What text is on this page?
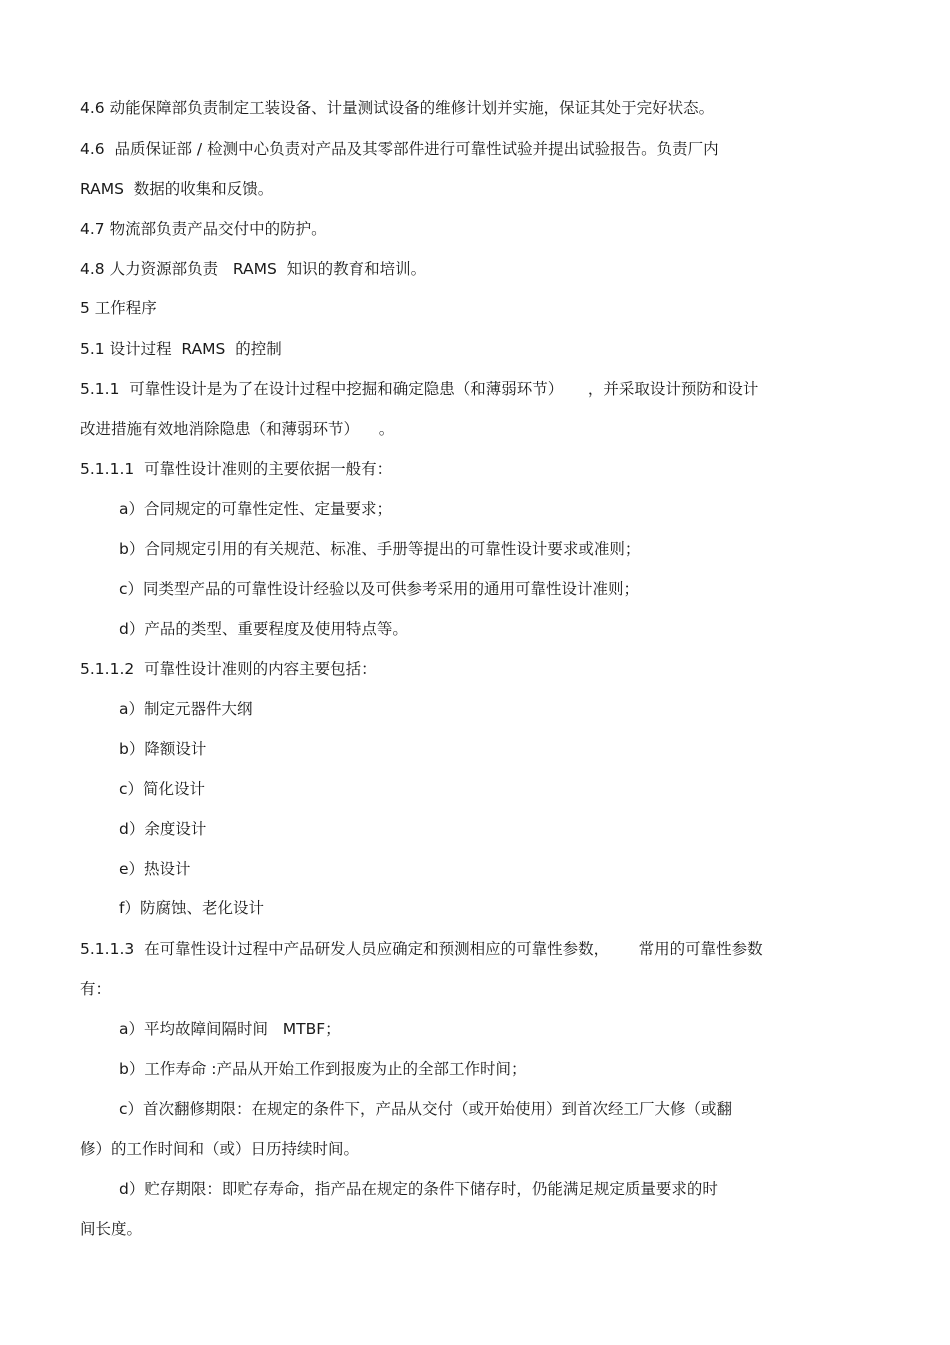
4.6 动能保障部负责制定工装设备、计量测试设备的维修计划并实施，保证其处于完好状态。
4.6  品质保证部 / 检测中心负责对产品及其零部件进行可靠性试验并提出试验报告。负责厂内
RAMS  数据的收集和反馈。
4.7 物流部负责产品交付中的防护。
4.8 人力资源部负责   RAMS  知识的教育和培训。
5 工作程序
5.1 设计过程  RAMS  的控制
5.1.1  可靠性设计是为了在设计过程中挖掘和确定隐患（和薄弱环节）     ，并采取设计预防和设计
改进措施有效地消除隐患（和薄弱环节）    。
5.1.1.1  可靠性设计准则的主要依据一般有：
a）合同规定的可靠性定性、定量要求；
b）合同规定引用的有关规范、标准、手册等提出的可靠性设计要求或准则；
c）同类型产品的可靠性设计经验以及可供参考采用的通用可靠性设计准则；
d）产品的类型、重要程度及使用特点等。
5.1.1.2  可靠性设计准则的内容主要包括：
a）制定元器件大纲
b）降额设计
c）简化设计
d）余度设计
e）热设计
f）防腐蚀、老化设计
5.1.1.3  在可靠性设计过程中产品研发人员应确定和预测相应的可靠性参数，      常用的可靠性参数
有：
a）平均故障间隔时间   MTBF；
b）工作寿命 :产品从开始工作到报废为止的全部工作时间；
c）首次翻修期限：在规定的条件下，产品从交付（或开始使用）到首次经工厂大修（或翻
修）的工作时间和（或）日历持续时间。
d）贮存期限：即贮存寿命，指产品在规定的条件下储存时，仍能满足规定质量要求的时
间长度。
